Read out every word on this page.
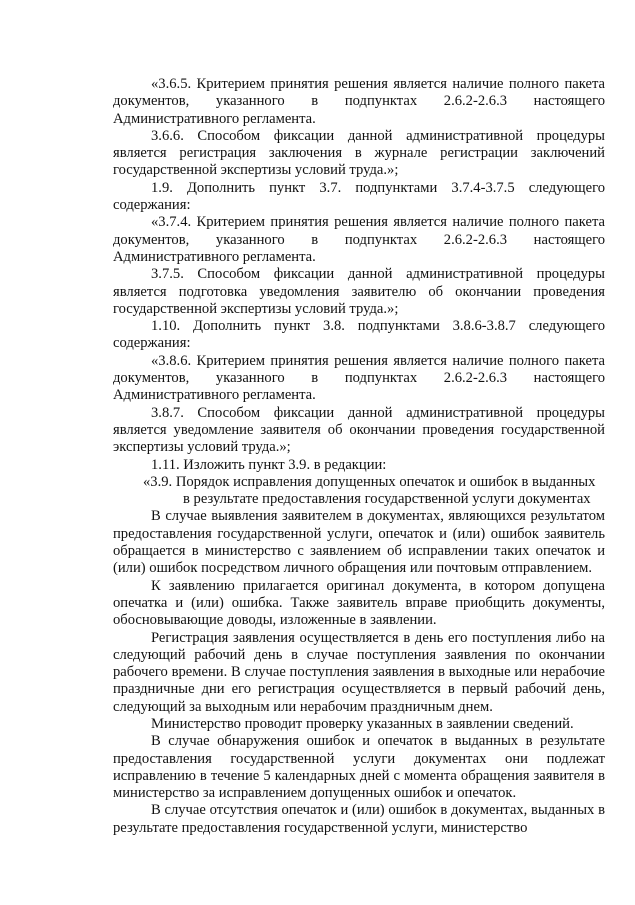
«3.6.5. Критерием принятия решения является наличие полного пакета документов, указанного в подпунктах 2.6.2-2.6.3 настоящего Административного регламента.

3.6.6. Способом фиксации данной административной процедуры является регистрация заключения в журнале регистрации заключений государственной экспертизы условий труда.»;

1.9. Дополнить пункт 3.7. подпунктами 3.7.4-3.7.5 следующего содержания:

«3.7.4. Критерием принятия решения является наличие полного пакета документов, указанного в подпунктах 2.6.2-2.6.3 настоящего Административного регламента.

3.7.5. Способом фиксации данной административной процедуры является подготовка уведомления заявителю об окончании проведения государственной экспертизы условий труда.»;

1.10. Дополнить пункт 3.8. подпунктами 3.8.6-3.8.7 следующего содержания:

«3.8.6. Критерием принятия решения является наличие полного пакета документов, указанного в подпунктах 2.6.2-2.6.3 настоящего Административного регламента.

3.8.7. Способом фиксации данной административной процедуры является уведомление заявителя об окончании проведения государственной экспертизы условий труда.»;

1.11. Изложить пункт 3.9. в редакции:

«3.9. Порядок исправления допущенных опечаток и ошибок в выданных
в результате предоставления государственной услуги документах

В случае выявления заявителем в документах, являющихся результатом предоставления государственной услуги, опечаток и (или) ошибок заявитель обращается в министерство с заявлением об исправлении таких опечаток и (или) ошибок посредством личного обращения или почтовым отправлением.

К заявлению прилагается оригинал документа, в котором допущена опечатка и (или) ошибка. Также заявитель вправе приобщить документы, обосновывающие доводы, изложенные в заявлении.

Регистрация заявления осуществляется в день его поступления либо на следующий рабочий день в случае поступления заявления по окончании рабочего времени. В случае поступления заявления в выходные или нерабочие праздничные дни его регистрация осуществляется в первый рабочий день, следующий за выходным или нерабочим праздничным днем.

Министерство проводит проверку указанных в заявлении сведений.

В случае обнаружения ошибок и опечаток в выданных в результате предоставления государственной услуги документах они подлежат исправлению в течение 5 календарных дней с момента обращения заявителя в министерство за исправлением допущенных ошибок и опечаток.

В случае отсутствия опечаток и (или) ошибок в документах, выданных в результате предоставления государственной услуги, министерство
